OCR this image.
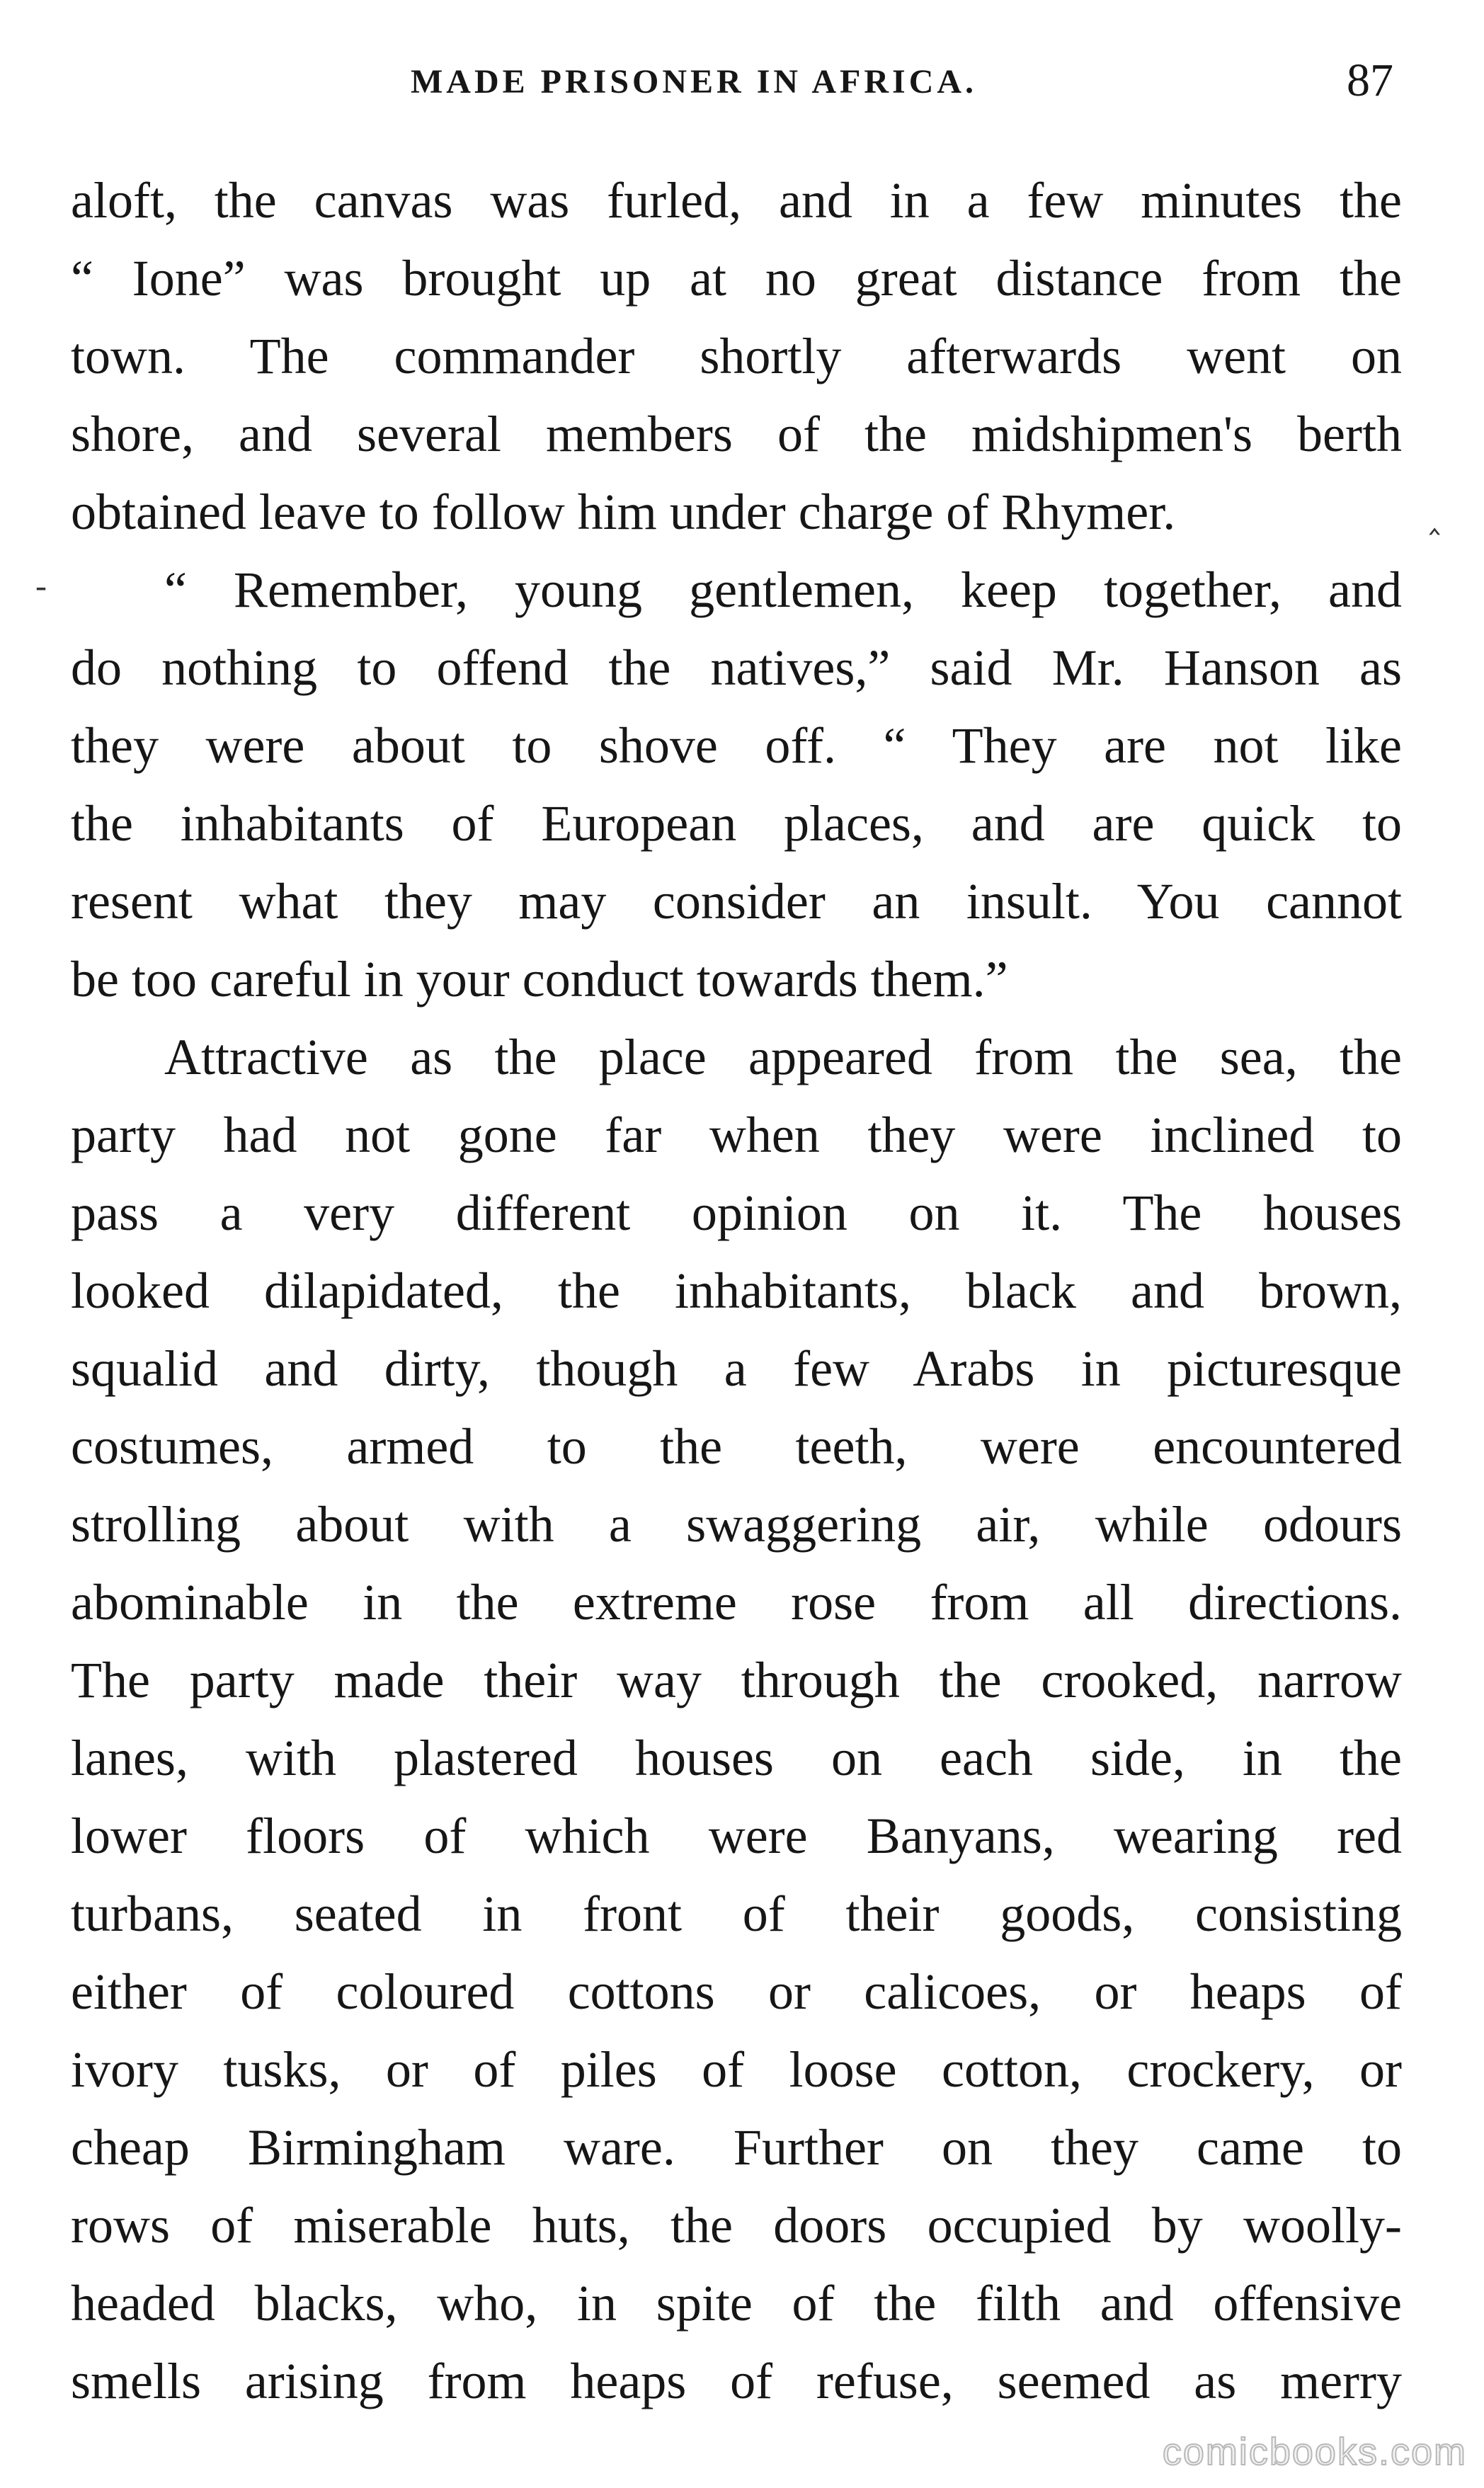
MADE PRISONER IN AFRICA.	87
‸
-
aloft, the canvas was furled, and in a few minutes the
“ Ione” was brought up at no great distance from the
town. The commander shortly afterwards went on
shore, and several members of the midshipmen's berth
obtained leave to follow him under charge of Rhymer.
“ Remember, young gentlemen, keep together, and
do nothing to offend the natives,” said Mr. Hanson as
they were about to shove off. “ They are not like
the inhabitants of European places, and are quick to
resent what they may consider an insult. You cannot
be too careful in your conduct towards them.”
Attractive as the place appeared from the sea, the
party had not gone far when they were inclined to
pass a very different opinion on it. The houses
looked dilapidated, the inhabitants, black and brown,
squalid and dirty, though a few Arabs in picturesque
costumes, armed to the teeth, were encountered
strolling about with a swaggering air, while odours
abominable in the extreme rose from all directions.
The party made their way through the crooked, narrow
lanes, with plastered houses on each side, in the
lower floors of which were Banyans, wearing red
turbans, seated in front of their goods, consisting
either of coloured cottons or calicoes, or heaps of
ivory tusks, or of piles of loose cotton, crockery, or
cheap Birmingham ware. Further on they came to
rows of miserable huts, the doors occupied by woolly-
headed blacks, who, in spite of the filth and offensive
smells arising from heaps of refuse, seemed as merry
comicbooks.com
